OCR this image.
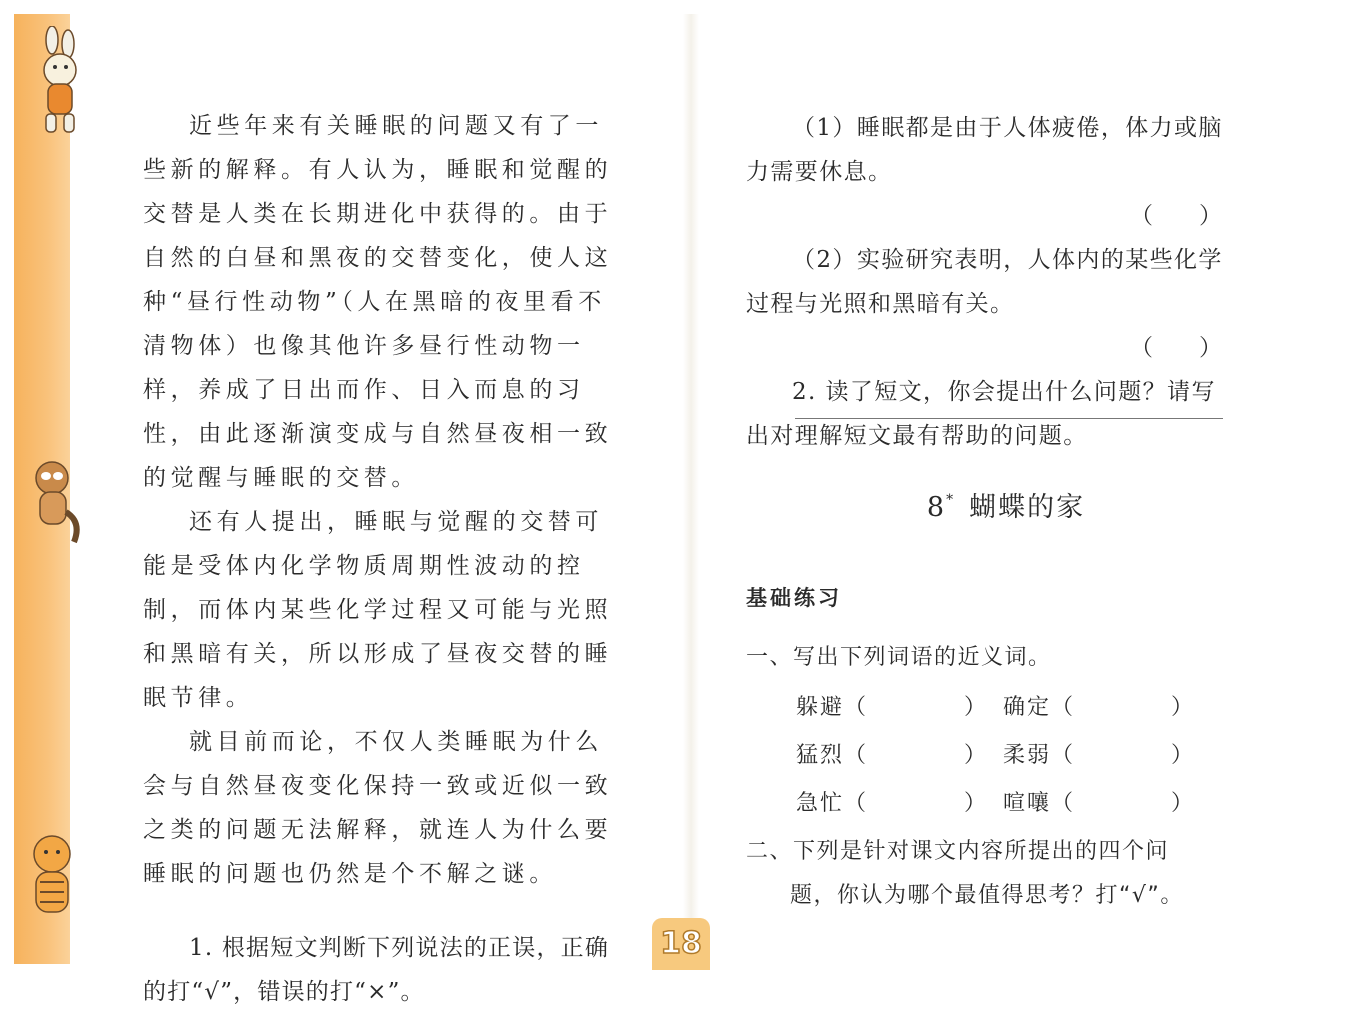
近些年来有关睡眠的问题又有了一些新的解释。有人认为，睡眠和觉醒的交替是人类在长期进化中获得的。由于自然的白昼和黑夜的交替变化，使人这种“昼行性动物”（人在黑暗的夜里看不清物体）也像其他许多昼行性动物一样，养成了日出而作、日入而息的习性，由此逐渐演变成与自然昼夜相一致的觉醒与睡眠的交替。

还有人提出，睡眠与觉醒的交替可能是受体内化学物质周期性波动的控制，而体内某些化学过程又可能与光照和黑暗有关，所以形成了昼夜交替的睡眠节律。

就目前而论，不仅人类睡眠为什么会与自然昼夜变化保持一致或近似一致之类的问题无法解释，就连人为什么要睡眠的问题也仍然是个不解之谜。

1. 根据短文判断下列说法的正误，正确的打“√”，错误的打“×”。

（1）睡眠都是由于人体疲倦，体力或脑力需要休息。

（　　）

（2）实验研究表明，人体内的某些化学过程与光照和黑暗有关。

（　　）

2. 读了短文，你会提出什么问题？请写出对理解短文最有帮助的问题。

8* 蝴蝶的家
基础练习
一、写出下列词语的近义词。
躲避（　　　　） 确定（　　　　）
猛烈（　　　　） 柔弱（　　　　）
急忙（　　　　） 喧嚷（　　　　）
二、下列是针对课文内容所提出的四个问
题，你认为哪个最值得思考？打“√”。
18
